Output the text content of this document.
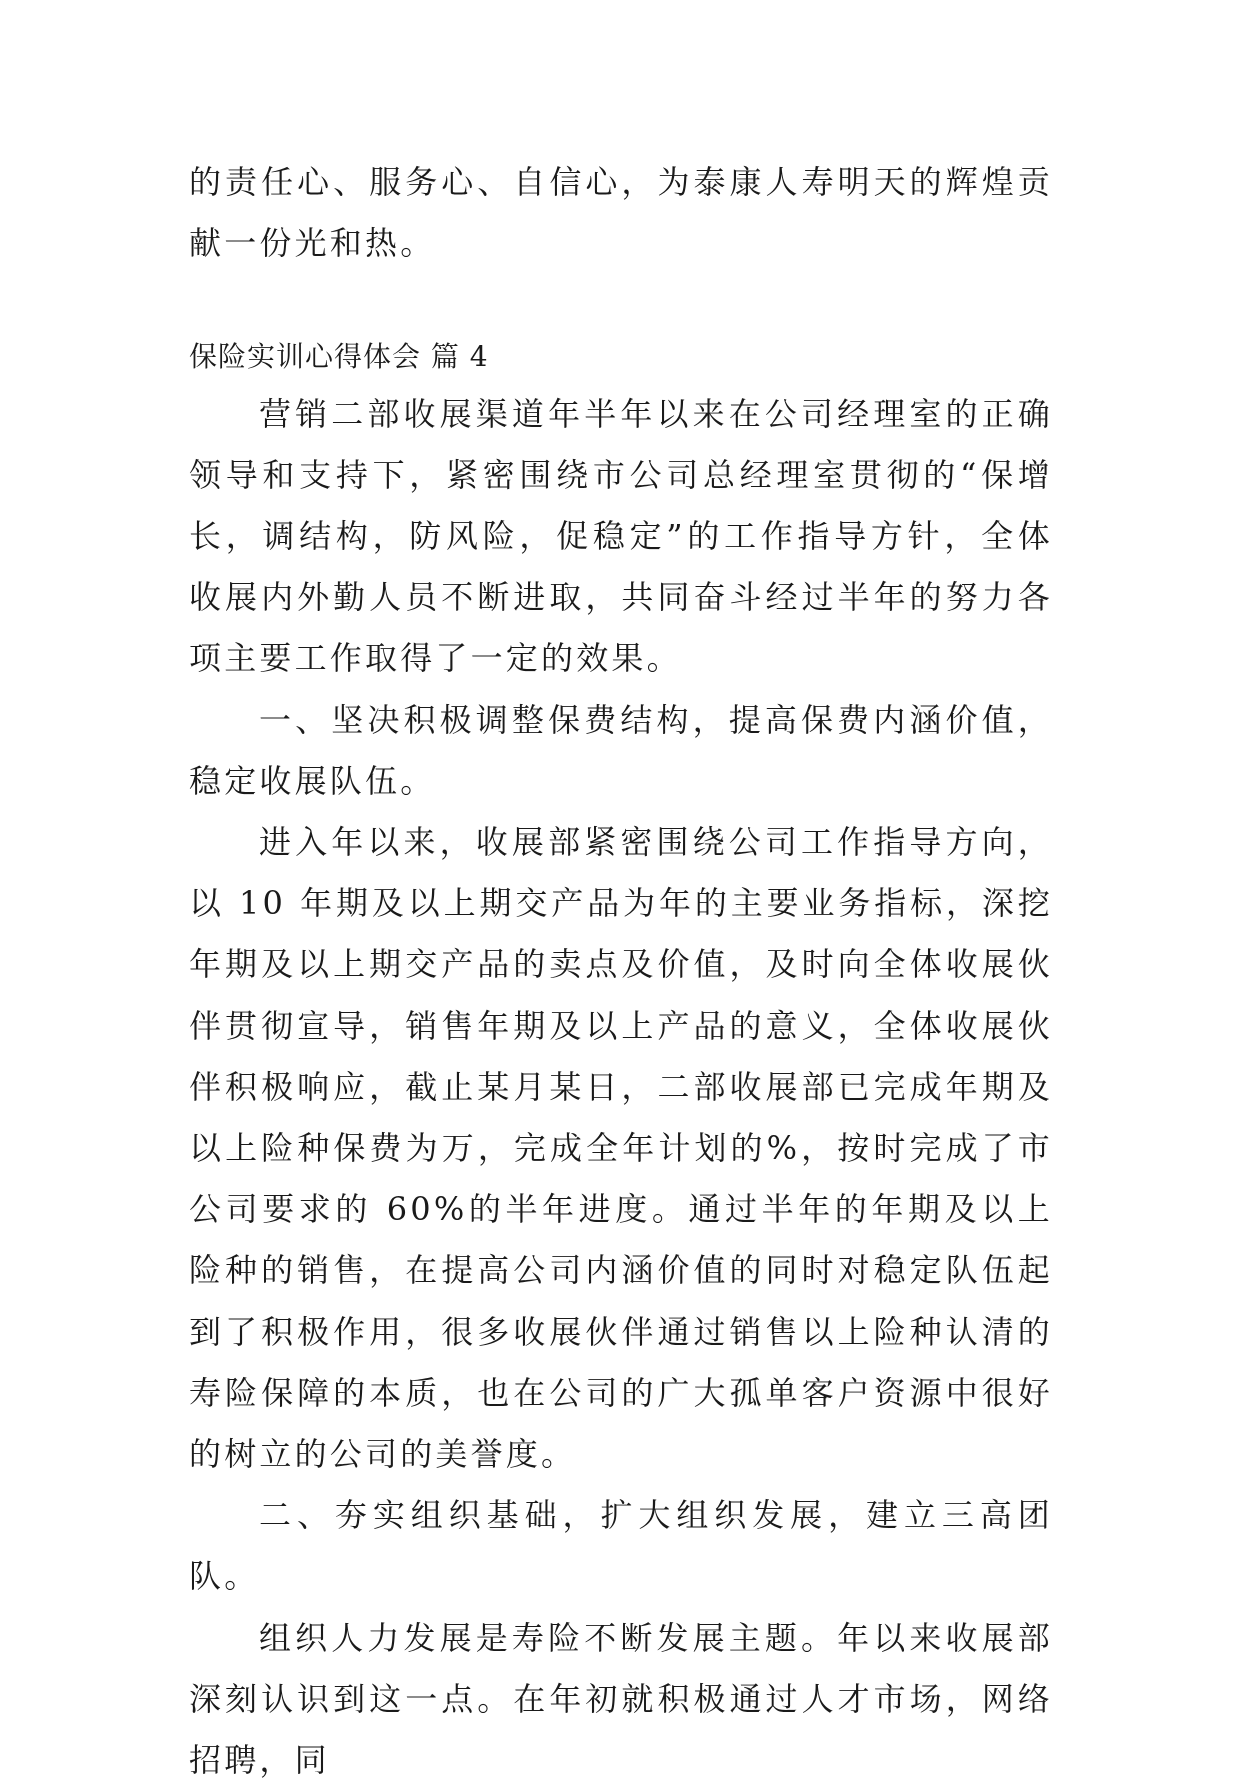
的责任心、服务心、自信心，为泰康人寿明天的辉煌贡献一份光和热。

保险实训心得体会 篇 4

营销二部收展渠道年半年以来在公司经理室的正确领导和支持下，紧密围绕市公司总经理室贯彻的“保增长，调结构，防风险，促稳定”的工作指导方针，全体收展内外勤人员不断进取，共同奋斗经过半年的努力各项主要工作取得了一定的效果。

一、坚决积极调整保费结构，提高保费内涵价值，稳定收展队伍。

进入年以来，收展部紧密围绕公司工作指导方向，以 10 年期及以上期交产品为年的主要业务指标，深挖年期及以上期交产品的卖点及价值，及时向全体收展伙伴贯彻宣导，销售年期及以上产品的意义，全体收展伙伴积极响应，截止某月某日，二部收展部已完成年期及以上险种保费为万，完成全年计划的%，按时完成了市公司要求的 60%的半年进度。通过半年的年期及以上险种的销售，在提高公司内涵价值的同时对稳定队伍起到了积极作用，很多收展伙伴通过销售以上险种认清的寿险保障的本质，也在公司的广大孤单客户资源中很好的树立的公司的美誉度。

二、夯实组织基础，扩大组织发展，建立三高团队。

组织人力发展是寿险不断发展主题。年以来收展部深刻认识到这一点。在年初就积极通过人才市场，网络招聘，同
